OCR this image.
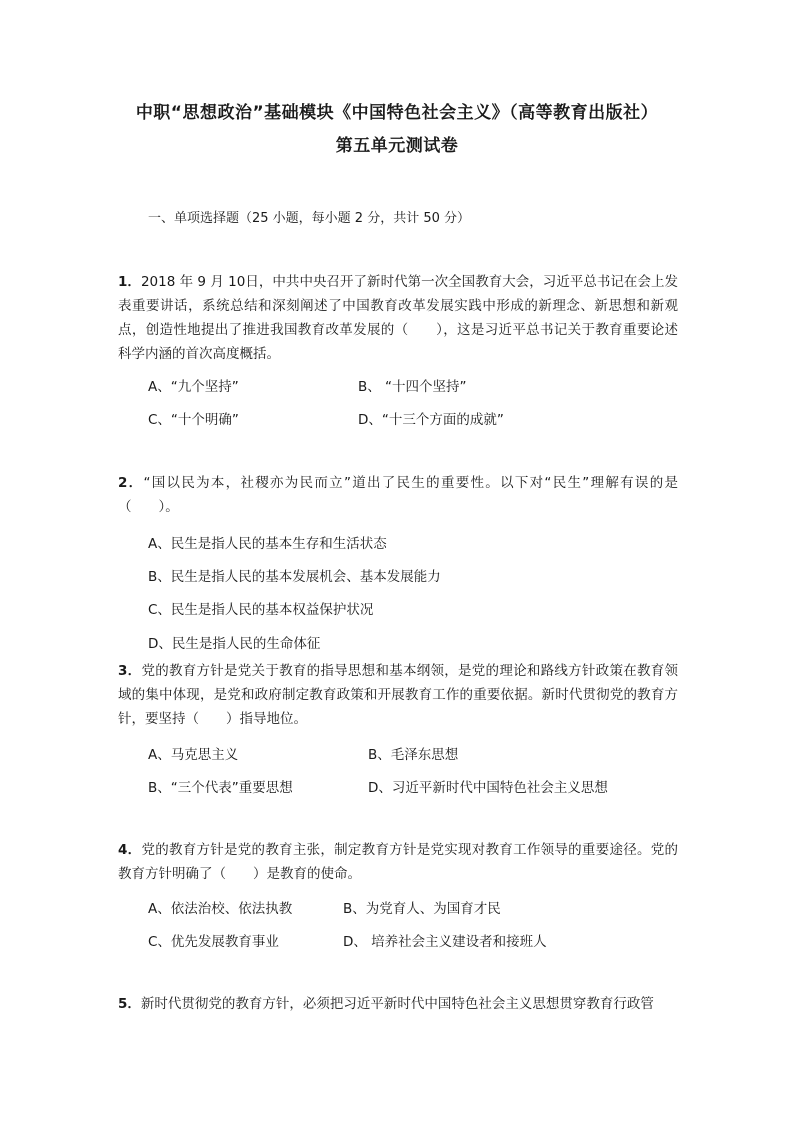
中职“思想政治”基础模块《中国特色社会主义》（高等教育出版社）
第五单元测试卷
一、单项选择题（25 小题，每小题 2 分，共计 50 分）
1．2018 年 9 月 10日，中共中央召开了新时代第一次全国教育大会，习近平总书记在会上发表重要讲话，系统总结和深刻阐述了中国教育改革发展实践中形成的新理念、新思想和新观点，创造性地提出了推进我国教育改革发展的（　　），这是习近平总书记关于教育重要论述科学内涵的首次高度概括。
A、“九个坚持”	B、 “十四个坚持”
C、“十个明确”	D、“十三个方面的成就”
2．“国以民为本，社稷亦为民而立”道出了民生的重要性。以下对“民生”理解有误的是（　　）。
A、民生是指人民的基本生存和生活状态
B、民生是指人民的基本发展机会、基本发展能力
C、民生是指人民的基本权益保护状况
D、民生是指人民的生命体征
3．党的教育方针是党关于教育的指导思想和基本纲领，是党的理论和路线方针政策在教育领域的集中体现，是党和政府制定教育政策和开展教育工作的重要依据。新时代贯彻党的教育方针，要坚持（　　）指导地位。
A、马克思主义	B、毛泽东思想
B、“三个代表”重要思想	D、习近平新时代中国特色社会主义思想
4．党的教育方针是党的教育主张，制定教育方针是党实现对教育工作领导的重要途径。党的教育方针明确了（　　）是教育的使命。
A、依法治校、依法执教	B、为党育人、为国育才民
C、优先发展教育事业	D、 培养社会主义建设者和接班人
5．新时代贯彻党的教育方针，必须把习近平新时代中国特色社会主义思想贯穿教育行政管
